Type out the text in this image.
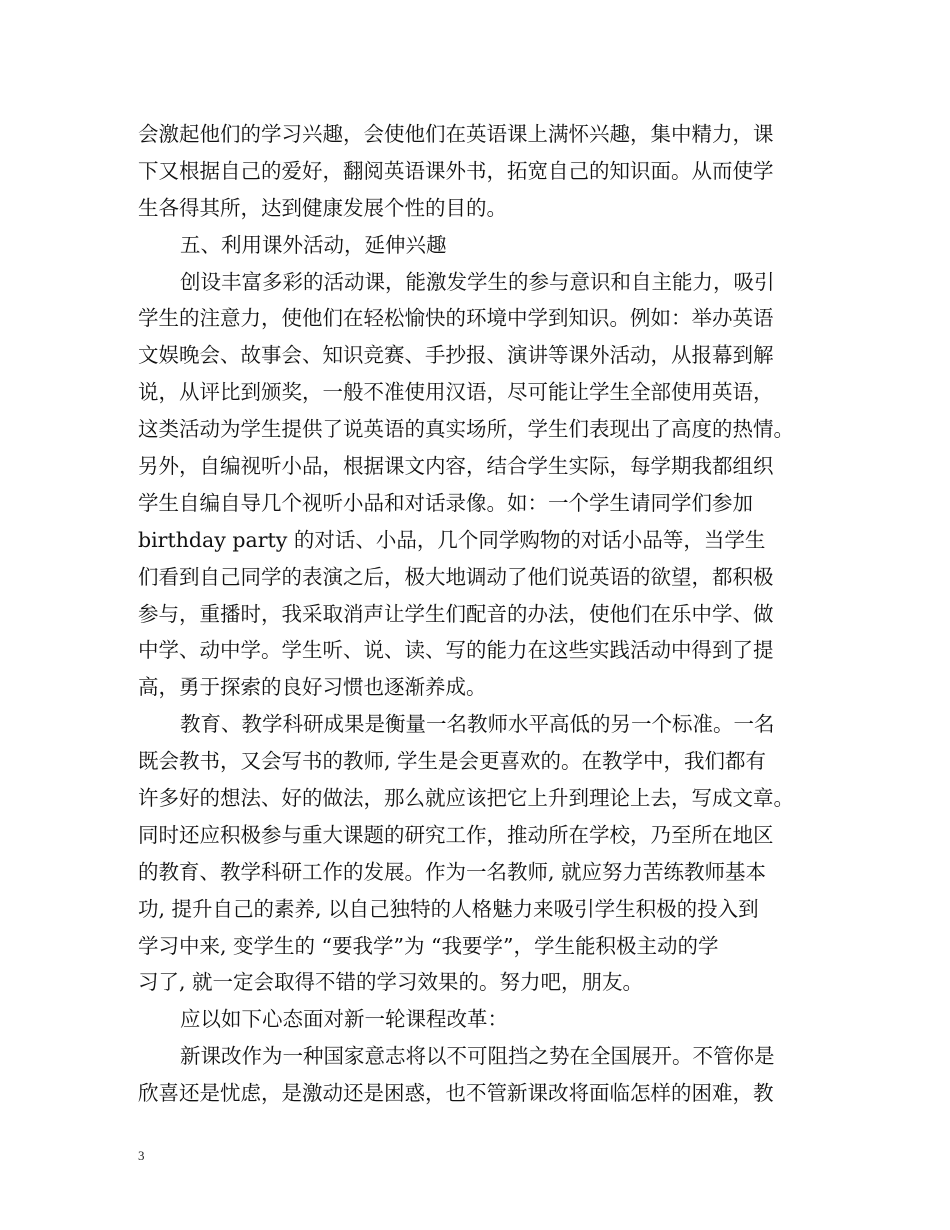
会激起他们的学习兴趣，会使他们在英语课上满怀兴趣，集中精力，课
下又根据自己的爱好，翻阅英语课外书，拓宽自己的知识面。从而使学
生各得其所，达到健康发展个性的目的。
五、利用课外活动，延伸兴趣
创设丰富多彩的活动课，能激发学生的参与意识和自主能力，吸引
学生的注意力，使他们在轻松愉快的环境中学到知识。例如：举办英语
文娱晚会、故事会、知识竞赛、手抄报、演讲等课外活动，从报幕到解
说，从评比到颁奖，一般不准使用汉语，尽可能让学生全部使用英语，
这类活动为学生提供了说英语的真实场所，学生们表现出了高度的热情。
另外，自编视听小品，根据课文内容，结合学生实际，每学期我都组织
学生自编自导几个视听小品和对话录像。如：一个学生请同学们参加
birthday party 的对话、小品，几个同学购物的对话小品等，当学生
们看到自己同学的表演之后，极大地调动了他们说英语的欲望，都积极
参与，重播时，我采取消声让学生们配音的办法，使他们在乐中学、做
中学、动中学。学生听、说、读、写的能力在这些实践活动中得到了提
高，勇于探索的良好习惯也逐渐养成。
教育、教学科研成果是衡量一名教师水平高低的另一个标准。一名
既会教书，又会写书的教师, 学生是会更喜欢的。在教学中，我们都有
许多好的想法、好的做法，那么就应该把它上升到理论上去，写成文章。
同时还应积极参与重大课题的研究工作，推动所在学校，乃至所在地区
的教育、教学科研工作的发展。作为一名教师, 就应努力苦练教师基本
功, 提升自己的素养, 以自己独特的人格魅力来吸引学生积极的投入到
学习中来, 变学生的 “要我学”为 “我要学”，学生能积极主动的学
习了, 就一定会取得不错的学习效果的。努力吧，朋友。
应以如下心态面对新一轮课程改革：
新课改作为一种国家意志将以不可阻挡之势在全国展开。不管你是
欣喜还是忧虑，是激动还是困惑，也不管新课改将面临怎样的困难，教
3
